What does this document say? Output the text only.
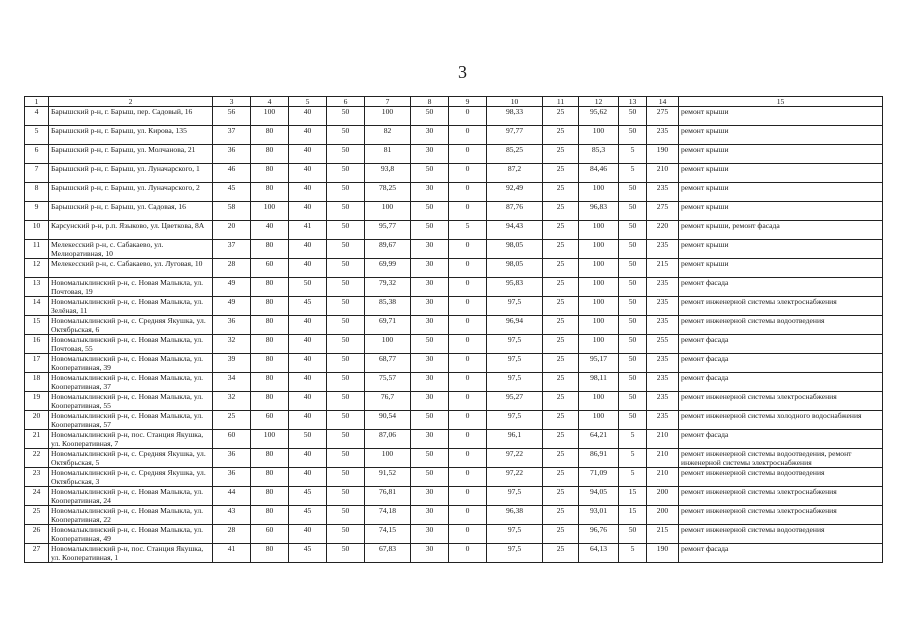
3
1	2	3	4	5	6	7	8	9	10	11	12	13	14	15
4	Барышский р-н, г. Барыш, пер. Садовый, 16	56	100	40	50	100	50	0	98,33	25	95,62	50	275	ремонт крыши
5	Барышский р-н, г. Барыш, ул. Кирова, 135	37	80	40	50	82	30	0	97,77	25	100	50	235	ремонт крыши
6	Барышский р-н, г. Барыш, ул. Молчанова, 21	36	80	40	50	81	30	0	85,25	25	85,3	5	190	ремонт крыши
7	Барышский р-н, г. Барыш, ул. Луначарского, 1	46	80	40	50	93,8	50	0	87,2	25	84,46	5	210	ремонт крыши
8	Барышский р-н, г. Барыш, ул. Луначарского, 2	45	80	40	50	78,25	30	0	92,49	25	100	50	235	ремонт крыши
9	Барышский р-н, г. Барыш, ул. Садовая, 16	58	100	40	50	100	50	0	87,76	25	96,83	50	275	ремонт крыши
10	Карсунский р-н, р.п. Языково, ул. Цветкова, 8А	20	40	41	50	95,77	50	5	94,43	25	100	50	220	ремонт крыши, ремонт фасада
11	Мелекесский р-н, с. Сабакаево, ул. Мелиоративная, 10	37	80	40	50	89,67	30	0	98,05	25	100	50	235	ремонт крыши
12	Мелекесский р-н, с. Сабакаево, ул. Луговая, 10	28	60	40	50	69,99	30	0	98,05	25	100	50	215	ремонт крыши
13	Новомалыклинский р-н, с. Новая Малыкла, ул. Почтовая, 19	49	80	50	50	79,32	30	0	95,83	25	100	50	235	ремонт фасада
14	Новомалыклинский р-н, с. Новая Малыкла, ул. Зелёная, 11	49	80	45	50	85,38	30	0	97,5	25	100	50	235	ремонт инженерной системы электроснабжения
15	Новомалыклинский р-н, с. Средняя Якушка, ул. Октябрьская, 6	36	80	40	50	69,71	30	0	96,94	25	100	50	235	ремонт инженерной системы водоотведения
16	Новомалыклинский р-н, с. Новая Малыкла, ул. Почтовая, 55	32	80	40	50	100	50	0	97,5	25	100	50	255	ремонт фасада
17	Новомалыклинский р-н, с. Новая Малыкла, ул. Кооперативная, 39	39	80	40	50	68,77	30	0	97,5	25	95,17	50	235	ремонт фасада
18	Новомалыклинский р-н, с. Новая Малыкла, ул. Кооперативная, 37	34	80	40	50	75,57	30	0	97,5	25	98,11	50	235	ремонт фасада
19	Новомалыклинский р-н, с. Новая Малыкла, ул. Кооперативная, 55	32	80	40	50	76,7	30	0	95,27	25	100	50	235	ремонт инженерной системы электроснабжения
20	Новомалыклинский р-н, с. Новая Малыкла, ул. Кооперативная, 57	25	60	40	50	90,54	50	0	97,5	25	100	50	235	ремонт инженерной системы холодного водоснабжения
21	Новомалыклинский р-н, пос. Станция Якушка, ул. Кооперативная, 7	60	100	50	50	87,06	30	0	96,1	25	64,21	5	210	ремонт фасада
22	Новомалыклинский р-н, с. Средняя Якушка, ул. Октябрьская, 5	36	80	40	50	100	50	0	97,22	25	86,91	5	210	ремонт инженерной системы водоотведения, ремонт инженерной системы электроснабжения
23	Новомалыклинский р-н, с. Средняя Якушка, ул. Октябрьская, 3	36	80	40	50	91,52	50	0	97,22	25	71,09	5	210	ремонт инженерной системы водоотведения
24	Новомалыклинский р-н, с. Новая Малыкла, ул. Кооперативная, 24	44	80	45	50	76,81	30	0	97,5	25	94,05	15	200	ремонт инженерной системы электроснабжения
25	Новомалыклинский р-н, с. Новая Малыкла, ул. Кооперативная, 22	43	80	45	50	74,18	30	0	96,38	25	93,01	15	200	ремонт инженерной системы электроснабжения
26	Новомалыклинский р-н, с. Новая Малыкла, ул. Кооперативная, 49	28	60	40	50	74,15	30	0	97,5	25	96,76	50	215	ремонт инженерной системы водоотведения
27	Новомалыклинский р-н, пос. Станция Якушка, ул. Кооперативная, 1	41	80	45	50	67,83	30	0	97,5	25	64,13	5	190	ремонт фасада
